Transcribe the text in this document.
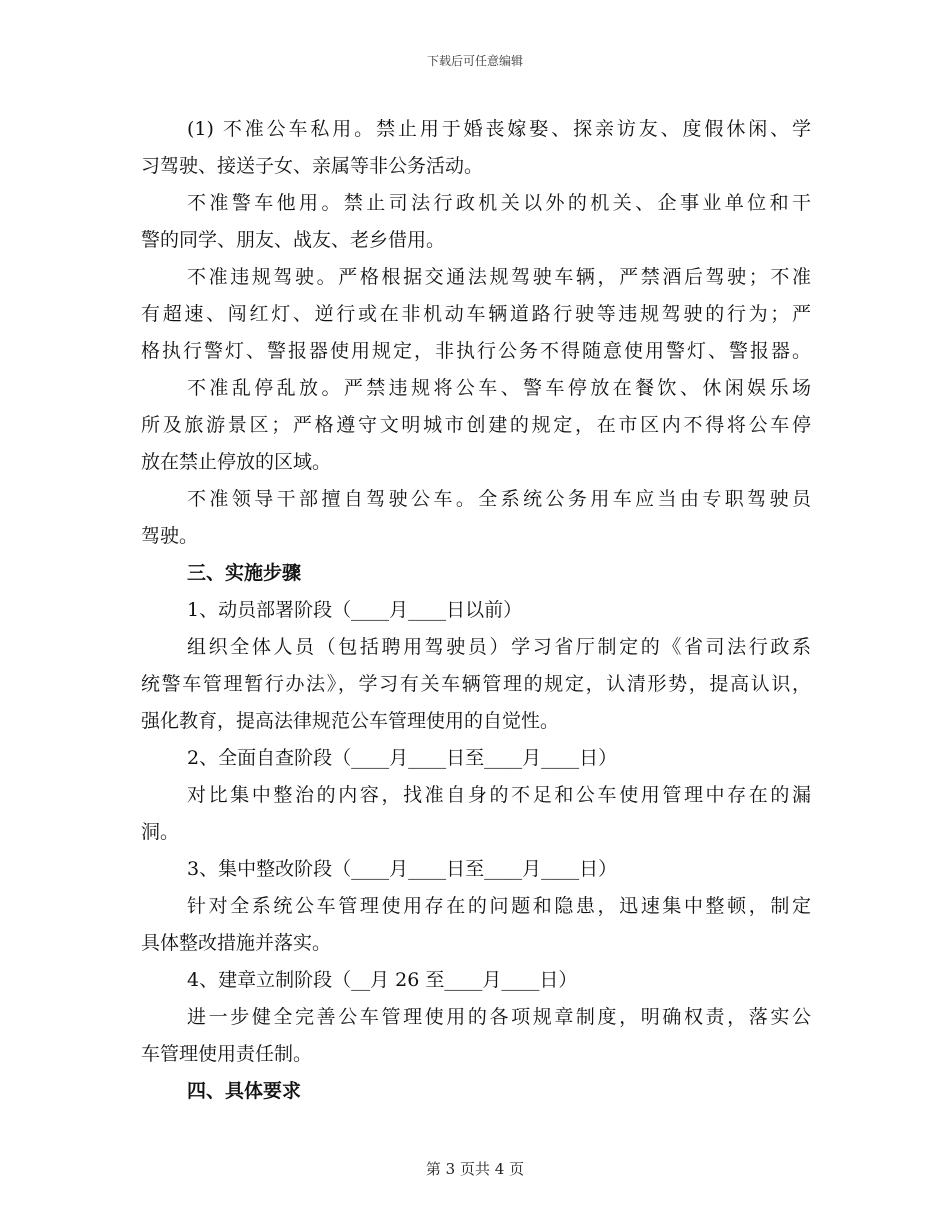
下载后可任意编辑
(1) 不准公车私用。禁止用于婚丧嫁娶、探亲访友、度假休闲、学
习驾驶、接送子女、亲属等非公务活动。
不准警车他用。禁止司法行政机关以外的机关、企事业单位和干
警的同学、朋友、战友、老乡借用。
不准违规驾驶。严格根据交通法规驾驶车辆，严禁酒后驾驶；不准
有超速、闯红灯、逆行或在非机动车辆道路行驶等违规驾驶的行为；严
格执行警灯、警报器使用规定，非执行公务不得随意使用警灯、警报器。
不准乱停乱放。严禁违规将公车、警车停放在餐饮、休闲娱乐场
所及旅游景区；严格遵守文明城市创建的规定，在市区内不得将公车停
放在禁止停放的区域。
不准领导干部擅自驾驶公车。全系统公务用车应当由专职驾驶员
驾驶。
三、实施步骤
1、动员部署阶段（____月____日以前）
组织全体人员（包括聘用驾驶员）学习省厅制定的《省司法行政系
统警车管理暂行办法》，学习有关车辆管理的规定，认清形势，提高认识，
强化教育，提高法律规范公车管理使用的自觉性。
2、全面自查阶段（____月____日至____月____日）
对比集中整治的内容，找准自身的不足和公车使用管理中存在的漏
洞。
3、集中整改阶段（____月____日至____月____日）
针对全系统公车管理使用存在的问题和隐患，迅速集中整顿，制定
具体整改措施并落实。
4、建章立制阶段（__月 26 至____月____日）
进一步健全完善公车管理使用的各项规章制度，明确权责，落实公
车管理使用责任制。
四、具体要求
第 3 页共 4 页
